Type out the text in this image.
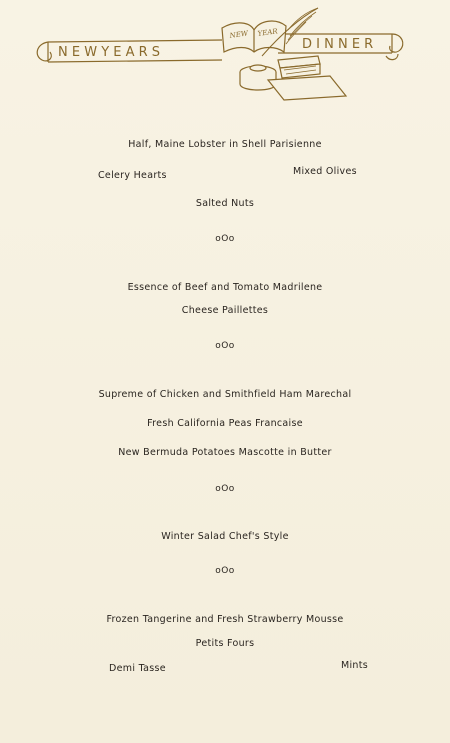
N E W Y E A R S
D I N N E R
NEW YEAR
Half, Maine Lobster in Shell Parisienne
Celery Hearts	Mixed Olives
Salted Nuts
oOo
Essence of Beef and Tomato Madrilene
Cheese Paillettes
oOo
Supreme of Chicken and Smithfield Ham Marechal
Fresh California Peas Francaise
New Bermuda Potatoes Mascotte in Butter
oOo
Winter Salad Chef's Style
oOo
Frozen Tangerine and Fresh Strawberry Mousse
Petits Fours
Demi Tasse	Mints
